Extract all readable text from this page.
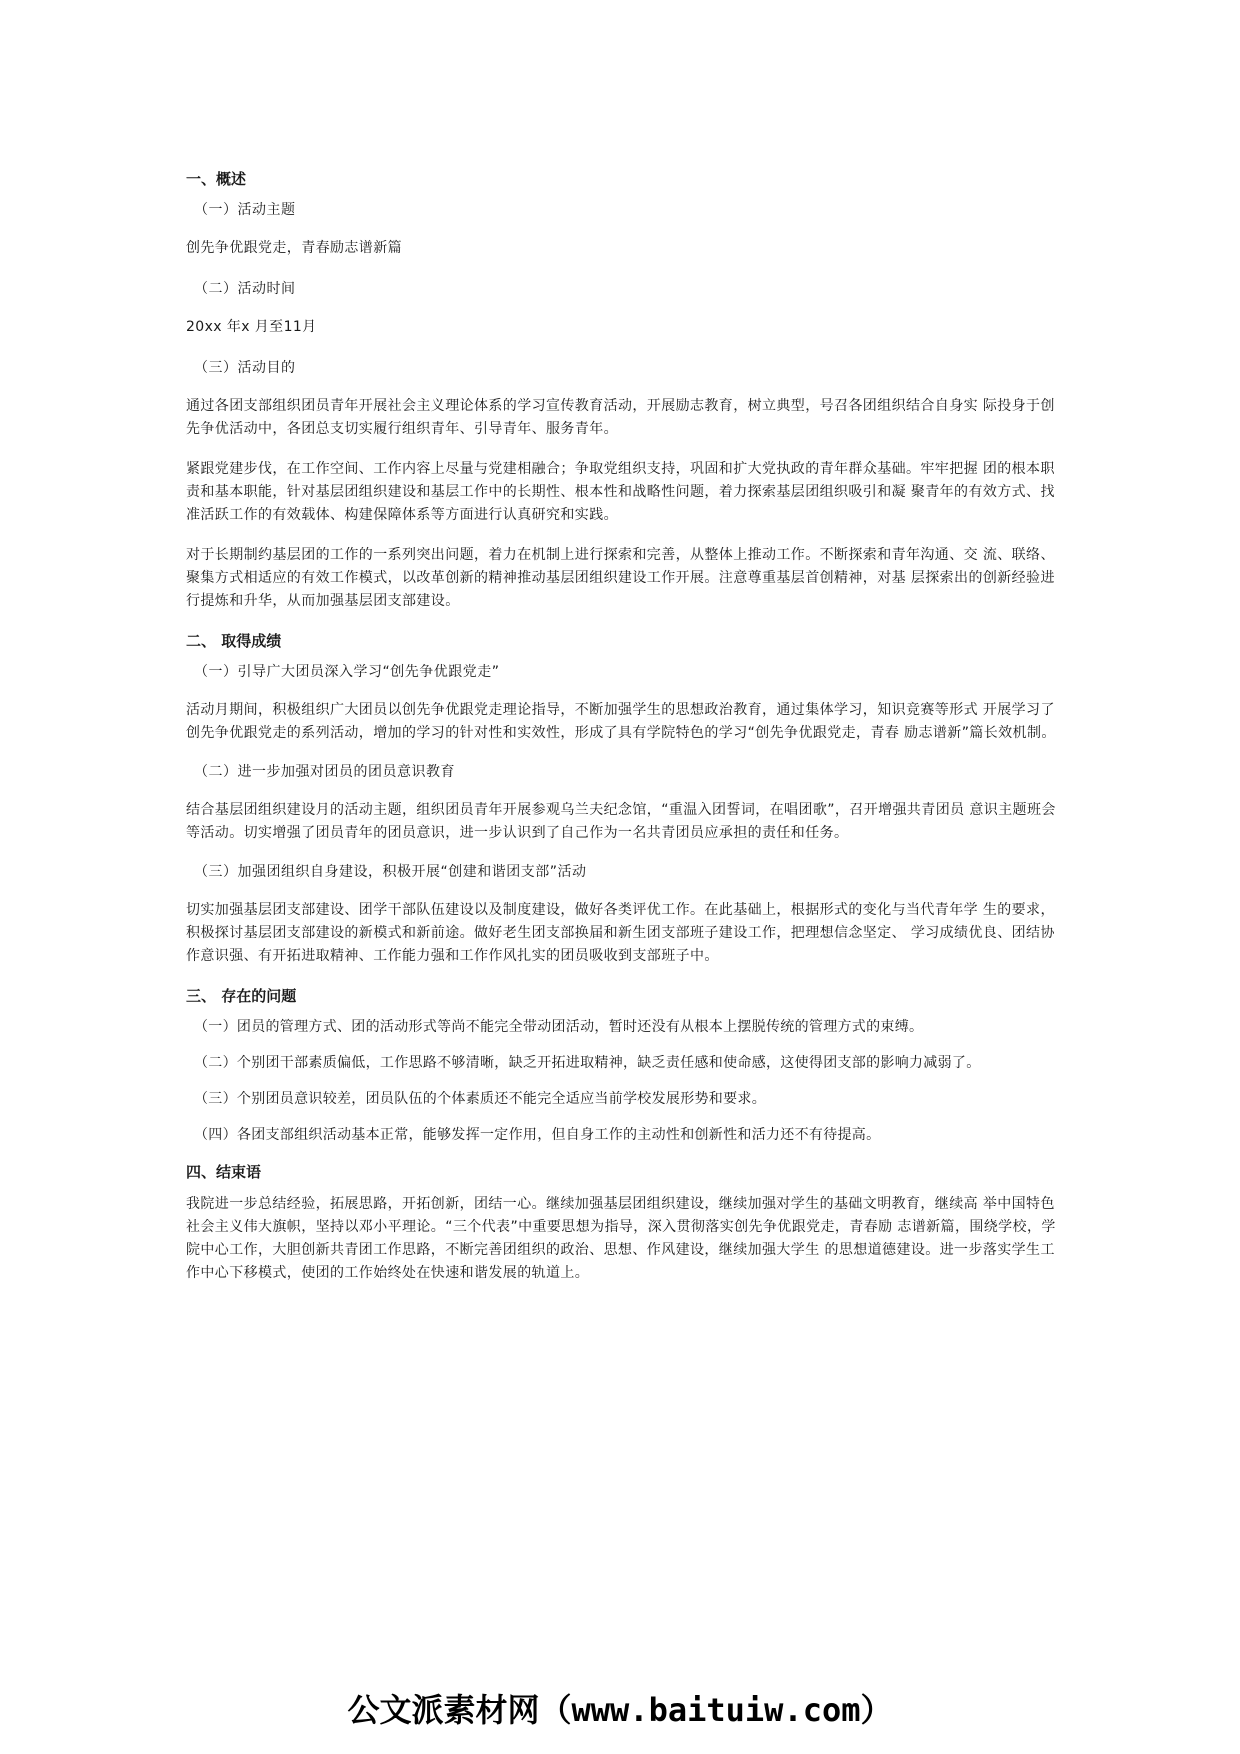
一、概述
（一）活动主题
创先争优跟党走，青春励志谱新篇
（二）活动时间
20xx 年x 月至11月
（三）活动目的
通过各团支部组织团员青年开展社会主义理论体系的学习宣传教育活动，开展励志教育，树立典型，号召各团组织结合自身实 际投身于创先争优活动中，各团总支切实履行组织青年、引导青年、服务青年。
紧跟党建步伐，在工作空间、工作内容上尽量与党建相融合；争取党组织支持，巩固和扩大党执政的青年群众基础。牢牢把握 团的根本职责和基本职能，针对基层团组织建设和基层工作中的长期性、根本性和战略性问题，着力探索基层团组织吸引和凝 聚青年的有效方式、找准活跃工作的有效载体、构建保障体系等方面进行认真研究和实践。
对于长期制约基层团的工作的一系列突出问题，着力在机制上进行探索和完善，从整体上推动工作。不断探索和青年沟通、交 流、联络、聚集方式相适应的有效工作模式，以改革创新的精神推动基层团组织建设工作开展。注意尊重基层首创精神，对基 层探索出的创新经验进行提炼和升华，从而加强基层团支部建设。
二、 取得成绩
（一）引导广大团员深入学习“创先争优跟党走”
活动月期间，积极组织广大团员以创先争优跟党走理论指导，不断加强学生的思想政治教育，通过集体学习，知识竞赛等形式 开展学习了创先争优跟党走的系列活动，增加的学习的针对性和实效性，形成了具有学院特色的学习“创先争优跟党走，青春 励志谱新”篇长效机制。
（二）进一步加强对团员的团员意识教育
结合基层团组织建设月的活动主题，组织团员青年开展参观乌兰夫纪念馆，“重温入团誓词，在唱团歌”，召开增强共青团员 意识主题班会等活动。切实增强了团员青年的团员意识，进一步认识到了自己作为一名共青团员应承担的责任和任务。
（三）加强团组织自身建设，积极开展“创建和谐团支部”活动
切实加强基层团支部建设、团学干部队伍建设以及制度建设，做好各类评优工作。在此基础上，根据形式的变化与当代青年学 生的要求，积极探讨基层团支部建设的新模式和新前途。做好老生团支部换届和新生团支部班子建设工作，把理想信念坚定、 学习成绩优良、团结协作意识强、有开拓进取精神、工作能力强和工作作风扎实的团员吸收到支部班子中。
三、 存在的问题
（一）团员的管理方式、团的活动形式等尚不能完全带动团活动，暂时还没有从根本上摆脱传统的管理方式的束缚。
（二）个别团干部素质偏低，工作思路不够清晰，缺乏开拓进取精神，缺乏责任感和使命感，这使得团支部的影响力减弱了。
（三）个别团员意识较差，团员队伍的个体素质还不能完全适应当前学校发展形势和要求。
（四）各团支部组织活动基本正常，能够发挥一定作用，但自身工作的主动性和创新性和活力还不有待提高。
四、结束语
我院进一步总结经验，拓展思路，开拓创新，团结一心。继续加强基层团组织建设，继续加强对学生的基础文明教育，继续高 举中国特色社会主义伟大旗帜，坚持以邓小平理论。“三个代表”中重要思想为指导，深入贯彻落实创先争优跟党走，青春励 志谱新篇，围绕学校，学院中心工作，大胆创新共青团工作思路，不断完善团组织的政治、思想、作风建设，继续加强大学生 的思想道德建设。进一步落实学生工作中心下移模式，使团的工作始终处在快速和谐发展的轨道上。
公文派素材网（www.baituiw.com）
